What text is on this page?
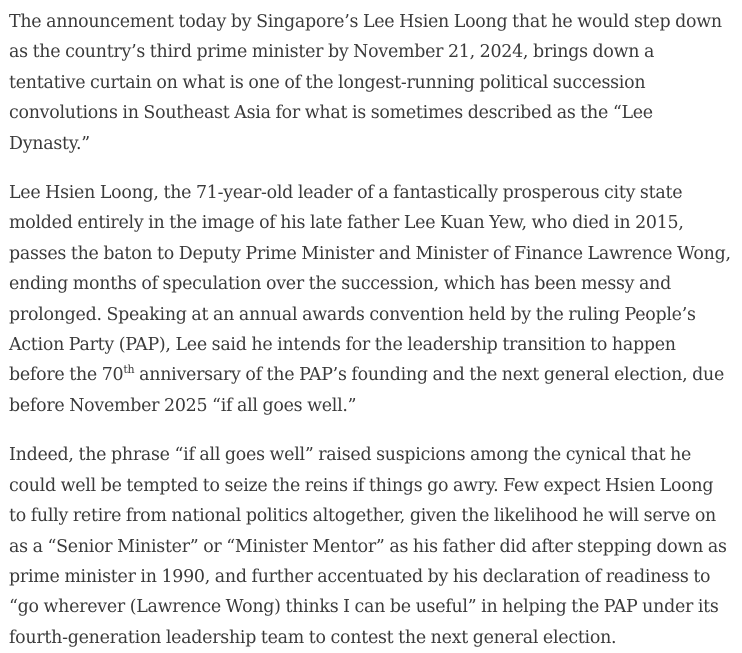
The announcement today by Singapore’s Lee Hsien Loong that he would step down as the country’s third prime minister by November 21, 2024, brings down a tentative curtain on what is one of the longest-running political succession convolutions in Southeast Asia for what is sometimes described as the “Lee Dynasty.”

Lee Hsien Loong, the 71-year-old leader of a fantastically prosperous city state molded entirely in the image of his late father Lee Kuan Yew, who died in 2015, passes the baton to Deputy Prime Minister and Minister of Finance Lawrence Wong, ending months of speculation over the succession, which has been messy and prolonged. Speaking at an annual awards convention held by the ruling People’s Action Party (PAP), Lee said he intends for the leadership transition to happen before the 70th anniversary of the PAP’s founding and the next general election, due before November 2025 “if all goes well.”

Indeed, the phrase “if all goes well” raised suspicions among the cynical that he could well be tempted to seize the reins if things go awry. Few expect Hsien Loong to fully retire from national politics altogether, given the likelihood he will serve on as a “Senior Minister” or “Minister Mentor” as his father did after stepping down as prime minister in 1990, and further accentuated by his declaration of readiness to “go wherever (Lawrence Wong) thinks I can be useful” in helping the PAP under its fourth-generation leadership team to contest the next general election.
